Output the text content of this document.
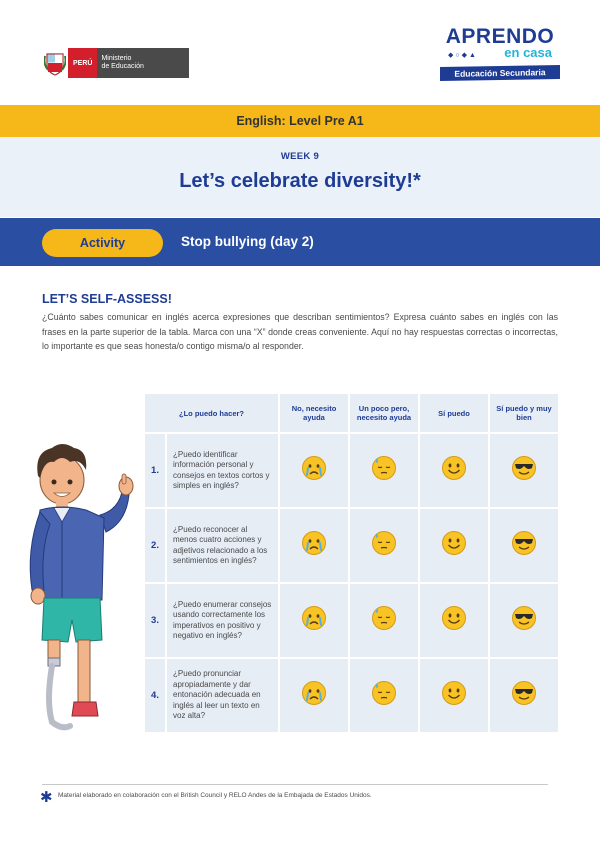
PERÚ
Ministerio
de Educación
APRENDO
◆○◆▲	en casa
Educación Secundaria
English: Level Pre A1
WEEK 9
Let’s celebrate diversity!*
Activity	Stop bullying (day 2)
LET’S SELF-ASSESS!
¿Cuánto sabes comunicar en inglés acerca expresiones que describan sentimientos? Expresa cuánto sabes en inglés con las frases en la parte superior de la tabla. Marca con una “X” donde creas conveniente. Aquí no hay respuestas correctas o incorrectas, lo importante es que seas honesta/o contigo misma/o al responder.
¿Lo puedo hacer?		No, necesito ayuda	Un poco pero, necesito ayuda	Sí puedo	Sí puedo y muy bien
1.	¿Puedo identificar información personal y consejos en textos cortos y simples en inglés?				
2.	¿Puedo reconocer al menos cuatro acciones y adjetivos relacionado a los sentimientos en inglés?				
3.	¿Puedo enumerar consejos usando correctamente los imperativos en positivo y negativo en inglés?				
4.	¿Puedo pronunciar apropiadamente y dar entonación adecuada en inglés al leer un texto en voz alta?				
✱ Material elaborado en colaboración con el British Council y RELO Andes de la Embajada de Estados Unidos.
